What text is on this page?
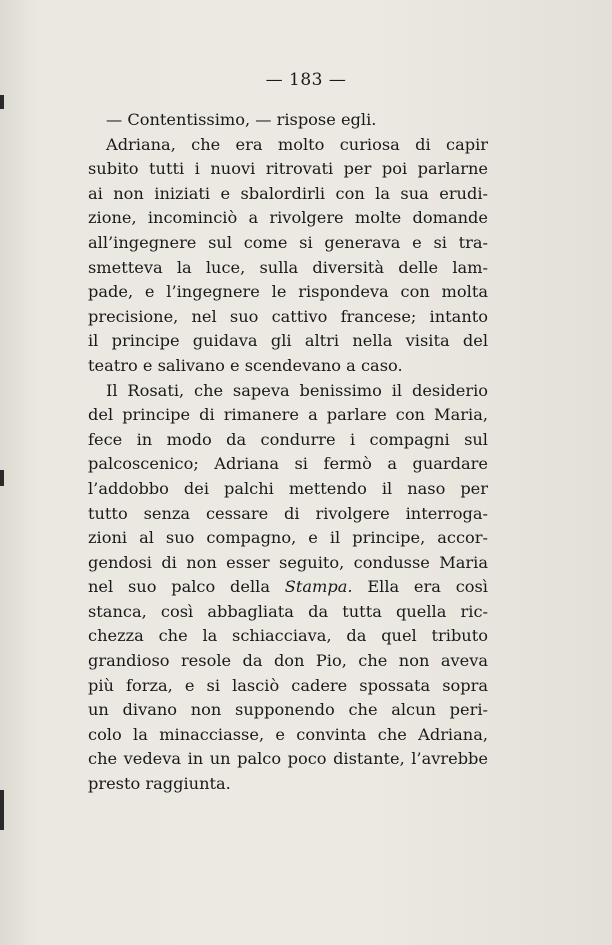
— 183 —
— Contentissimo, — rispose egli.
Adriana, che era molto curiosa di capir
subito tutti i nuovi ritrovati per poi parlarne
ai non iniziati e sbalordirli con la sua erudi-
zione, incominciò a rivolgere molte domande
all’ingegnere sul come si generava e si tra-
smetteva la luce, sulla diversità delle lam-
pade, e l’ingegnere le rispondeva con molta
precisione, nel suo cattivo francese; intanto
il principe guidava gli altri nella visita del
teatro e salivano e scendevano a caso.
Il Rosati, che sapeva benissimo il desiderio
del principe di rimanere a parlare con Maria,
fece in modo da condurre i compagni sul
palcoscenico; Adriana si fermò a guardare
l’addobbo dei palchi mettendo il naso per
tutto senza cessare di rivolgere interroga-
zioni al suo compagno, e il principe, accor-
gendosi di non esser seguito, condusse Maria
nel suo palco della Stampa. Ella era così
stanca, così abbagliata da tutta quella ric-
chezza che la schiacciava, da quel tributo
grandioso resole da don Pio, che non aveva
più forza, e si lasciò cadere spossata sopra
un divano non supponendo che alcun peri-
colo la minacciasse, e convinta che Adriana,
che vedeva in un palco poco distante, l’avrebbe
presto raggiunta.
